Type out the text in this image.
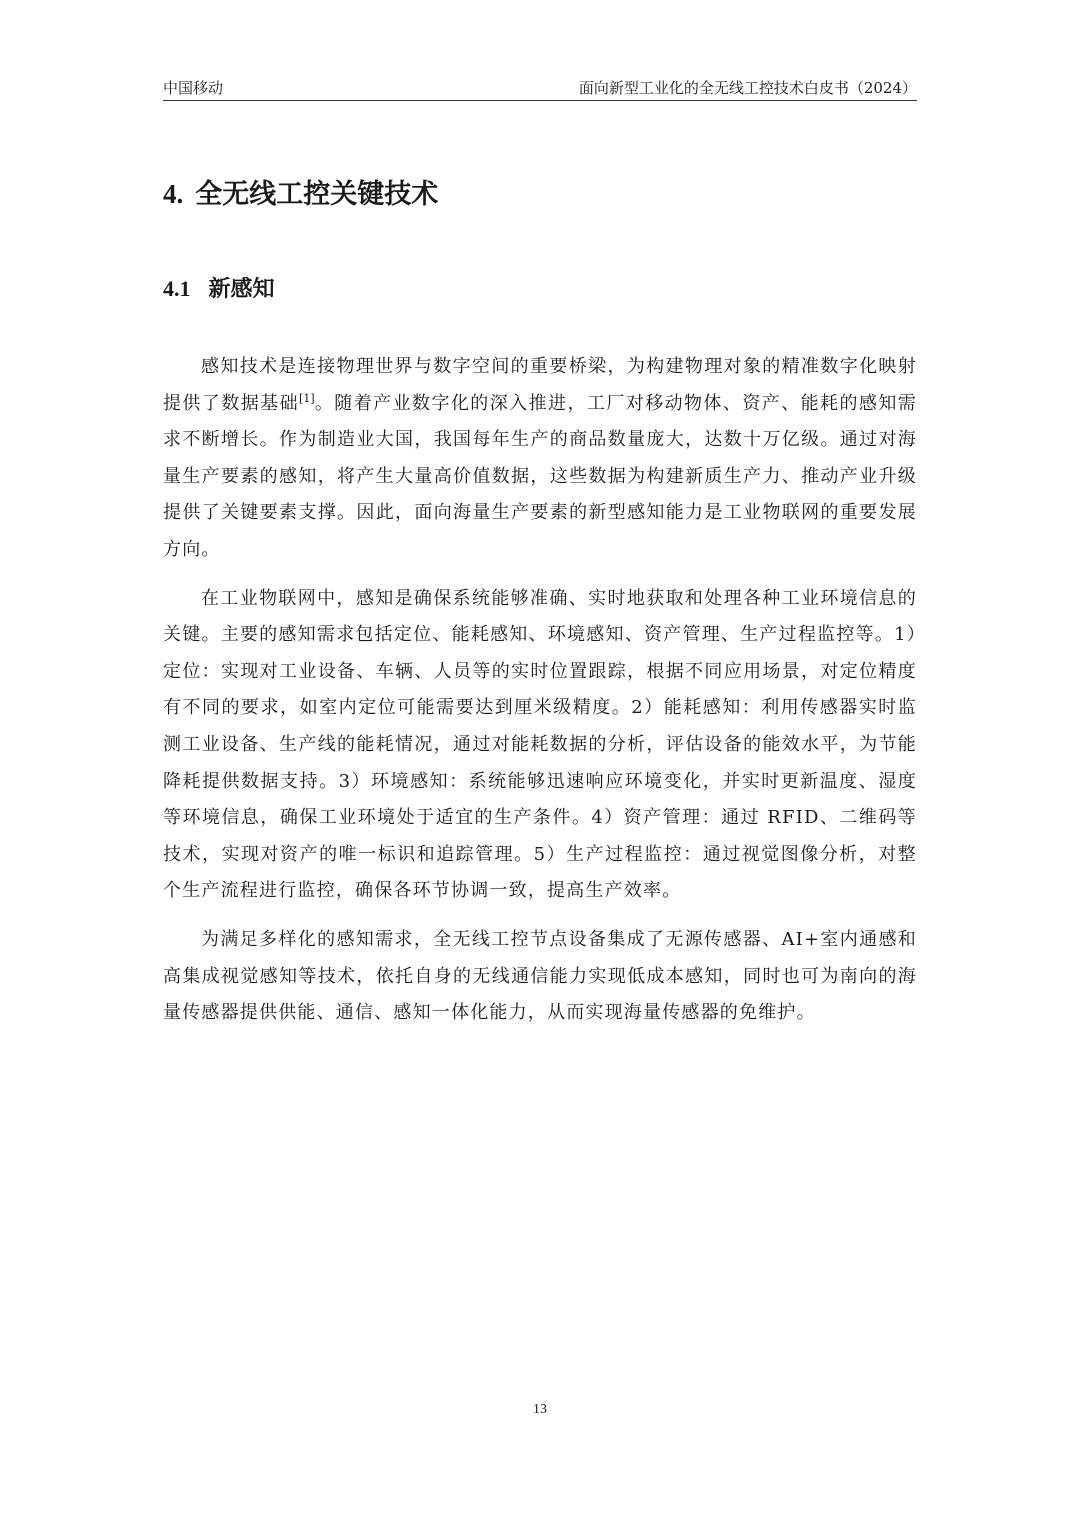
中国移动	面向新型工业化的全无线工控技术白皮书（2024）
4. 全无线工控关键技术
4.1 新感知

感知技术是连接物理世界与数字空间的重要桥梁，为构建物理对象的精准数字化映射提供了数据基础[1]。随着产业数字化的深入推进，工厂对移动物体、资产、能耗的感知需求不断增长。作为制造业大国，我国每年生产的商品数量庞大，达数十万亿级。通过对海量生产要素的感知，将产生大量高价值数据，这些数据为构建新质生产力、推动产业升级提供了关键要素支撑。因此，面向海量生产要素的新型感知能力是工业物联网的重要发展方向。

在工业物联网中，感知是确保系统能够准确、实时地获取和处理各种工业环境信息的关键。主要的感知需求包括定位、能耗感知、环境感知、资产管理、生产过程监控等。1）定位：实现对工业设备、车辆、人员等的实时位置跟踪，根据不同应用场景，对定位精度有不同的要求，如室内定位可能需要达到厘米级精度。2）能耗感知：利用传感器实时监测工业设备、生产线的能耗情况，通过对能耗数据的分析，评估设备的能效水平，为节能降耗提供数据支持。3）环境感知：系统能够迅速响应环境变化，并实时更新温度、湿度等环境信息，确保工业环境处于适宜的生产条件。4）资产管理：通过 RFID、二维码等技术，实现对资产的唯一标识和追踪管理。5）生产过程监控：通过视觉图像分析，对整个生产流程进行监控，确保各环节协调一致，提高生产效率。

为满足多样化的感知需求，全无线工控节点设备集成了无源传感器、AI+室内通感和高集成视觉感知等技术，依托自身的无线通信能力实现低成本感知，同时也可为南向的海量传感器提供供能、通信、感知一体化能力，从而实现海量传感器的免维护。

13
